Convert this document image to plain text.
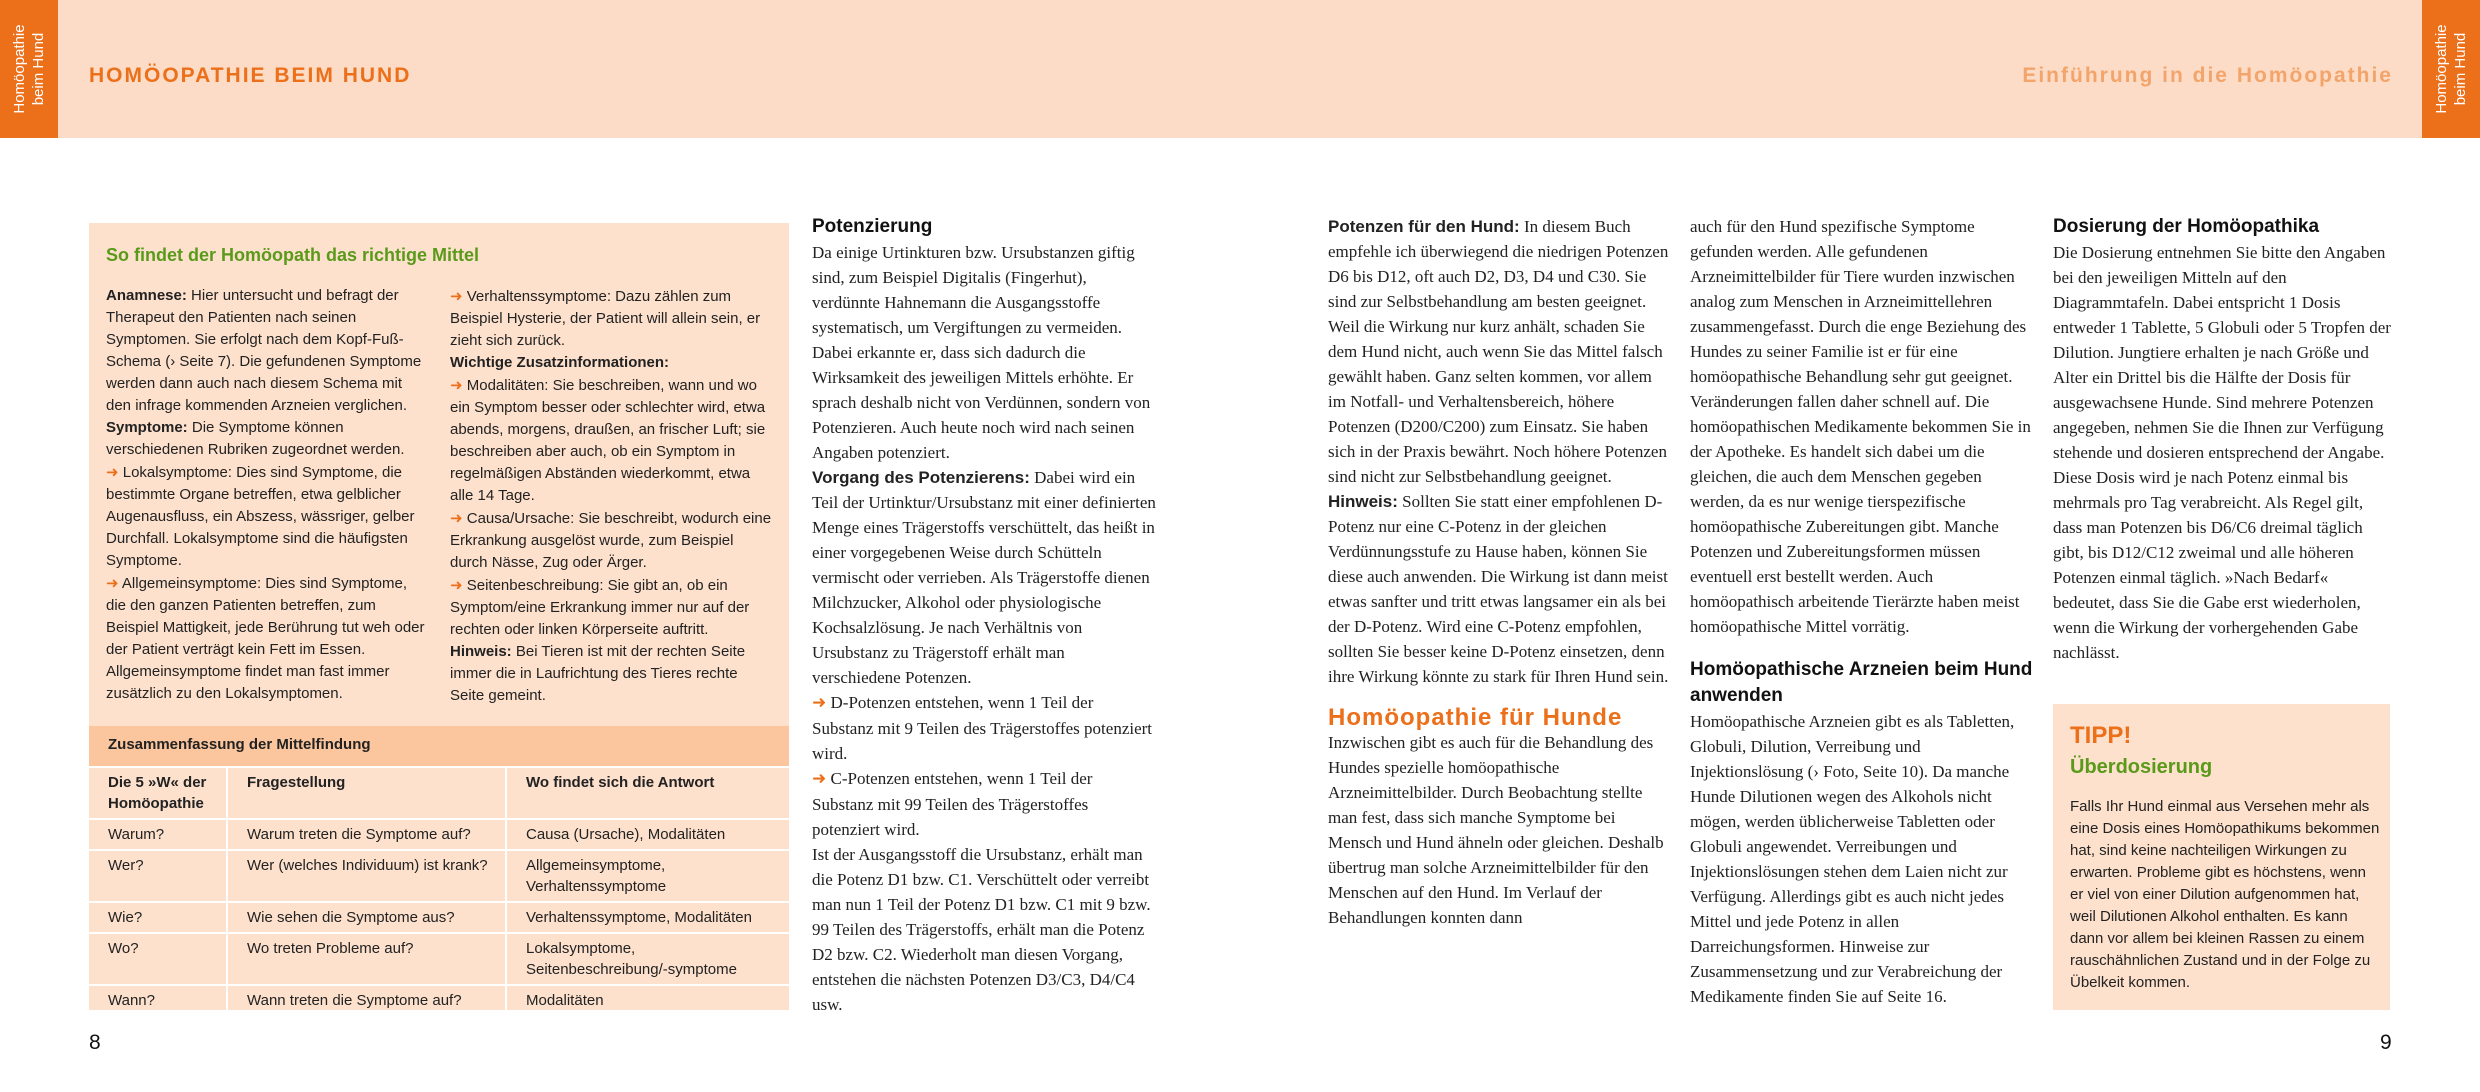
Homöopathie beim Hund	Homöopathie beim Hund
HOMÖOPATHIE BEIM HUND	Einführung in die Homöopathie
So findet der Homöopath das richtige Mittel

Anamnese: Hier untersucht und befragt der Therapeut den Patienten nach seinen Symptomen. Sie erfolgt nach dem Kopf-Fuß-Schema (› Seite 7). Die gefundenen Symptome werden dann auch nach diesem Schema mit den infrage kommenden Arzneien verglichen.

Symptome: Die Symptome können verschiedenen Rubriken zugeordnet werden.

➜ Lokalsymptome: Dies sind Symptome, die bestimmte Organe betreffen, etwa gelblicher Augenausfluss, ein Abszess, wässriger, gelber Durchfall. Lokalsymptome sind die häufigsten Symptome.

➜ Allgemeinsymptome: Dies sind Symptome, die den ganzen Patienten betreffen, zum Beispiel Mattigkeit, jede Berührung tut weh oder der Patient verträgt kein Fett im Essen. Allgemeinsymptome findet man fast immer zusätzlich zu den Lokalsymptomen.

➜ Verhaltenssymptome: Dazu zählen zum Beispiel Hysterie, der Patient will allein sein, er zieht sich zurück.

Wichtige Zusatzinformationen:

➜ Modalitäten: Sie beschreiben, wann und wo ein Symptom besser oder schlechter wird, etwa abends, morgens, draußen, an frischer Luft; sie beschreiben aber auch, ob ein Symptom in regelmäßigen Abständen wiederkommt, etwa alle 14 Tage.

➜ Causa/Ursache: Sie beschreibt, wodurch eine Erkrankung ausgelöst wurde, zum Beispiel durch Nässe, Zug oder Ärger.

➜ Seitenbeschreibung: Sie gibt an, ob ein Symptom/eine Erkrankung immer nur auf der rechten oder linken Körperseite auftritt.

Hinweis: Bei Tieren ist mit der rechten Seite immer die in Laufrichtung des Tieres rechte Seite gemeint.

Zusammenfassung der Mittelfindung
Die 5 »W« der Homöopathie	Fragestellung	Wo findet sich die Antwort
Warum?	Warum treten die Symptome auf?	Causa (Ursache), Modalitäten
Wer?	Wer (welches Individuum) ist krank?	Allgemeinsymptome, Verhaltenssymptome
Wie?	Wie sehen die Symptome aus?	Verhaltenssymptome, Modalitäten
Wo?	Wo treten Probleme auf?	Lokalsymptome, Seitenbeschreibung/-symptome
Wann?	Wann treten die Symptome auf?	Modalitäten

Potenzierung

Da einige Urtinkturen bzw. Ursubstanzen giftig sind, zum Beispiel Digitalis (Fingerhut), verdünnte Hahnemann die Ausgangsstoffe systematisch, um Vergiftungen zu vermeiden. Dabei erkannte er, dass sich dadurch die Wirksamkeit des jeweiligen Mittels erhöhte. Er sprach deshalb nicht von Verdünnen, sondern von Potenzieren. Auch heute noch wird nach seinen Angaben potenziert.

Vorgang des Potenzierens: Dabei wird ein Teil der Urtinktur/Ursubstanz mit einer definierten Menge eines Trägerstoffs verschüttelt, das heißt in einer vorgegebenen Weise durch Schütteln vermischt oder verrieben. Als Trägerstoffe dienen Milchzucker, Alkohol oder physiologische Kochsalzlösung. Je nach Verhältnis von Ursubstanz zu Trägerstoff erhält man verschiedene Potenzen.

➜ D-Potenzen entstehen, wenn 1 Teil der Substanz mit 9 Teilen des Trägerstoffes potenziert wird.

➜ C-Potenzen entstehen, wenn 1 Teil der Substanz mit 99 Teilen des Trägerstoffes potenziert wird.

Ist der Ausgangsstoff die Ursubstanz, erhält man die Potenz D1 bzw. C1. Verschüttelt oder verreibt man nun 1 Teil der Potenz D1 bzw. C1 mit 9 bzw. 99 Teilen des Trägerstoffs, erhält man die Potenz D2 bzw. C2. Wiederholt man diesen Vorgang, entstehen die nächsten Potenzen D3/C3, D4/C4 usw.

Potenzen für den Hund: In diesem Buch empfehle ich überwiegend die niedrigen Potenzen D6 bis D12, oft auch D2, D3, D4 und C30. Sie sind zur Selbstbehandlung am besten geeignet. Weil die Wirkung nur kurz anhält, schaden Sie dem Hund nicht, auch wenn Sie das Mittel falsch gewählt haben. Ganz selten kommen, vor allem im Notfall- und Verhaltensbereich, höhere Potenzen (D200/C200) zum Einsatz. Sie haben sich in der Praxis bewährt. Noch höhere Potenzen sind nicht zur Selbstbehandlung geeignet.

Hinweis: Sollten Sie statt einer empfohlenen D-Potenz nur eine C-Potenz in der gleichen Verdünnungsstufe zu Hause haben, können Sie diese auch anwenden. Die Wirkung ist dann meist etwas sanfter und tritt etwas langsamer ein als bei der D-Potenz. Wird eine C-Potenz empfohlen, sollten Sie besser keine D-Potenz einsetzen, denn ihre Wirkung könnte zu stark für Ihren Hund sein.

Homöopathie für Hunde

Inzwischen gibt es auch für die Behandlung des Hundes spezielle homöopathische Arzneimittelbilder. Durch Beobachtung stellte man fest, dass sich manche Symptome bei Mensch und Hund ähneln oder gleichen. Deshalb übertrug man solche Arzneimittelbilder für den Menschen auf den Hund. Im Verlauf der Behandlungen konnten dann

auch für den Hund spezifische Symptome gefunden werden. Alle gefundenen Arzneimittelbilder für Tiere wurden inzwischen analog zum Menschen in Arzneimittellehren zusammengefasst. Durch die enge Beziehung des Hundes zu seiner Familie ist er für eine homöopathische Behandlung sehr gut geeignet. Veränderungen fallen daher schnell auf. Die homöopathischen Medikamente bekommen Sie in der Apotheke. Es handelt sich dabei um die gleichen, die auch dem Menschen gegeben werden, da es nur wenige tierspezifische homöopathische Zubereitungen gibt. Manche Potenzen und Zubereitungsformen müssen eventuell erst bestellt werden. Auch homöopathisch arbeitende Tierärzte haben meist homöopathische Mittel vorrätig.

Homöopathische Arzneien beim Hund anwenden

Homöopathische Arzneien gibt es als Tabletten, Globuli, Dilution, Verreibung und Injektionslösung (› Foto, Seite 10). Da manche Hunde Dilutionen wegen des Alkohols nicht mögen, werden üblicherweise Tabletten oder Globuli angewendet. Verreibungen und Injektionslösungen stehen dem Laien nicht zur Verfügung. Allerdings gibt es auch nicht jedes Mittel und jede Potenz in allen Darreichungsformen. Hinweise zur Zusammensetzung und zur Verabreichung der Medikamente finden Sie auf Seite 16.

Dosierung der Homöopathika

Die Dosierung entnehmen Sie bitte den Angaben bei den jeweiligen Mitteln auf den Diagrammtafeln. Dabei entspricht 1 Dosis entweder 1 Tablette, 5 Globuli oder 5 Tropfen der Dilution. Jungtiere erhalten je nach Größe und Alter ein Drittel bis die Hälfte der Dosis für ausgewachsene Hunde. Sind mehrere Potenzen angegeben, nehmen Sie die Ihnen zur Verfügung stehende und dosieren entsprechend der Angabe. Diese Dosis wird je nach Potenz einmal bis mehrmals pro Tag verabreicht. Als Regel gilt, dass man Potenzen bis D6/C6 dreimal täglich gibt, bis D12/C12 zweimal und alle höheren Potenzen einmal täglich. »Nach Bedarf« bedeutet, dass Sie die Gabe erst wiederholen, wenn die Wirkung der vorhergehenden Gabe nachlässt.

TIPP!
Überdosierung
Falls Ihr Hund einmal aus Versehen mehr als eine Dosis eines Homöopathikums bekommen hat, sind keine nachteiligen Wirkungen zu erwarten. Probleme gibt es höchstens, wenn er viel von einer Dilution aufgenommen hat, weil Dilutionen Alkohol enthalten. Es kann dann vor allem bei kleinen Rassen zu einem rauschähnlichen Zustand und in der Folge zu Übelkeit kommen.
8	9
